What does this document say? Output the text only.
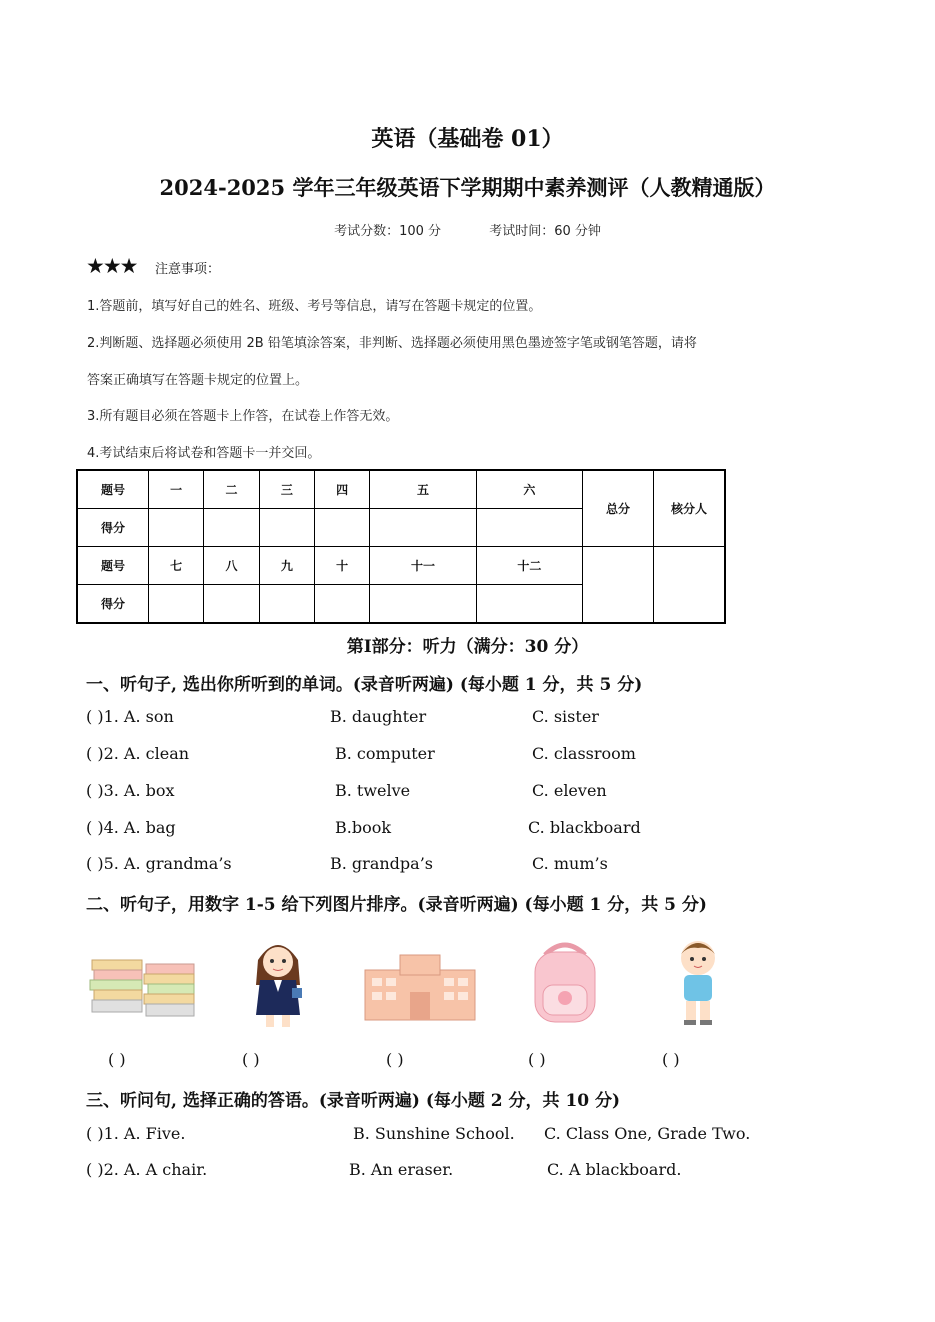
英语（基础卷 01）
2024-2025 学年三年级英语下学期期中素养测评（人教精通版）
考试分数：100 分	考试时间：60 分钟
★★★ 注意事项：
1.答题前，填写好自己的姓名、班级、考号等信息，请写在答题卡规定的位置。
2.判断题、选择题必须使用 2B 铅笔填涂答案，非判断、选择题必须使用黑色墨迹签字笔或钢笔答题，请将
答案正确填写在答题卡规定的位置上。
3.所有题目必须在答题卡上作答，在试卷上作答无效。
4.考试结束后将试卷和答题卡一并交回。
题号	一	二	三	四	五	六	总分	核分人
得分								
题号	七	八	九	十	十一	十二		
得分								
第Ⅰ部分：听力（满分：30 分）
一、听句子, 选出你所听到的单词。(录音听两遍) (每小题 1 分，共 5 分)
( )1. A. son	B. daughter	C. sister
( )2. A. clean	B. computer	C. classroom
( )3. A. box	B. twelve	C. eleven
( )4. A. bag	B.book	C. blackboard
( )5. A. grandma’s	B. grandpa’s	C. mum’s
二、听句子，用数字 1-5 给下列图片排序。(录音听两遍) (每小题 1 分，共 5 分)
( )	( )	( )	( )	( )
三、听问句, 选择正确的答语。(录音听两遍) (每小题 2 分，共 10 分)
( )1. A. Five.	B. Sunshine School. C. Class One, Grade Two.
( )2. A. A chair.	B. An eraser.	C. A blackboard.
